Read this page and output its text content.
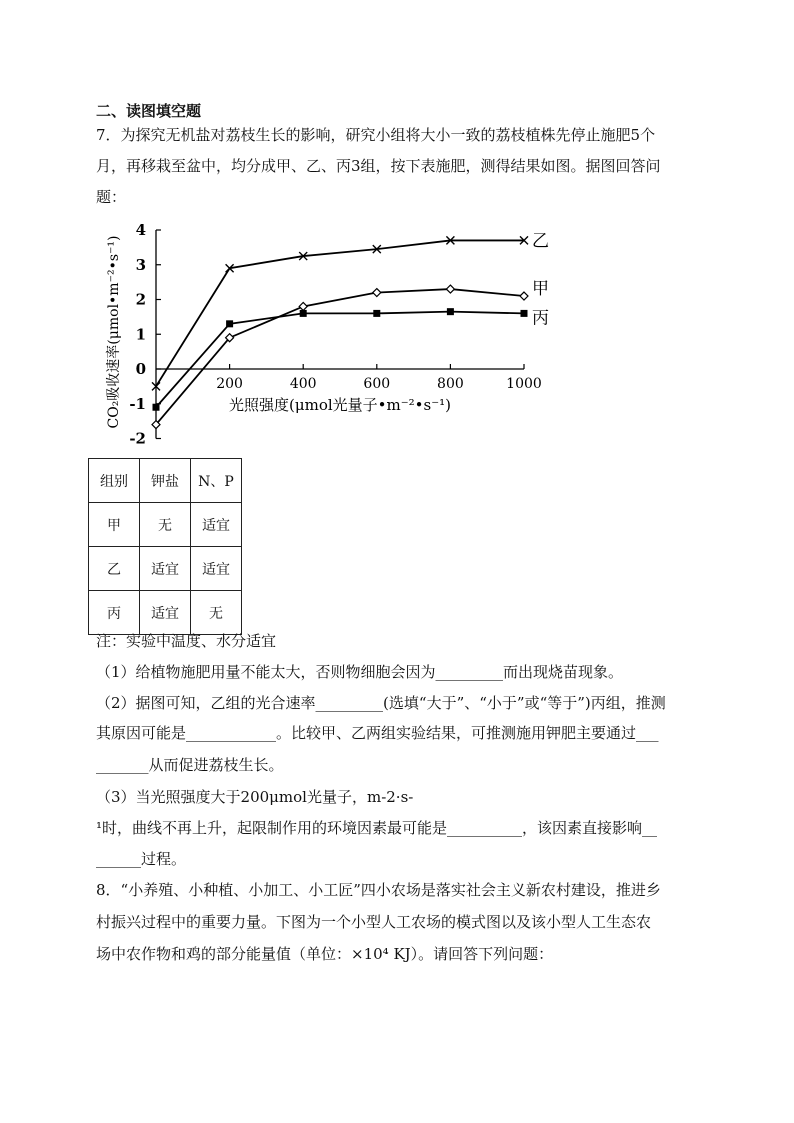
二、读图填空题
7．为探究无机盐对荔枝生长的影响，研究小组将大小一致的荔枝植株先停止施肥5个
月，再移栽至盆中，均分成甲、乙、丙3组，按下表施肥，测得结果如图。据图回答问
题：
4
3
2
1
0
-1
-2
200	400	600	800	1000
乙
甲
丙
光照强度(μmol光量子•m⁻²•s⁻¹)
CO₂吸收速率(μmol•m⁻²•s⁻¹)
组别	钾盐	N、P
甲	无	适宜
乙	适宜	适宜
丙	适宜	无
注：实验中温度、水分适宜
（1）给植物施肥用量不能太大，否则物细胞会因为_________而出现烧苗现象。
（2）据图可知，乙组的光合速率_________(选填“大于”、“小于”或“等于”)丙组，推测
其原因可能是____________。比较甲、乙两组实验结果，可推测施用钾肥主要通过___
_______从而促进荔枝生长。
（3）当光照强度大于200μmol光量子，m-2·s-
¹时，曲线不再上升，起限制作用的环境因素最可能是__________，该因素直接影响__
______过程。
8．“小养殖、小种植、小加工、小工匠”四小农场是落实社会主义新农村建设，推进乡
村振兴过程中的重要力量。下图为一个小型人工农场的模式图以及该小型人工生态农
场中农作物和鸡的部分能量值（单位：×10⁴ KJ）。请回答下列问题：
